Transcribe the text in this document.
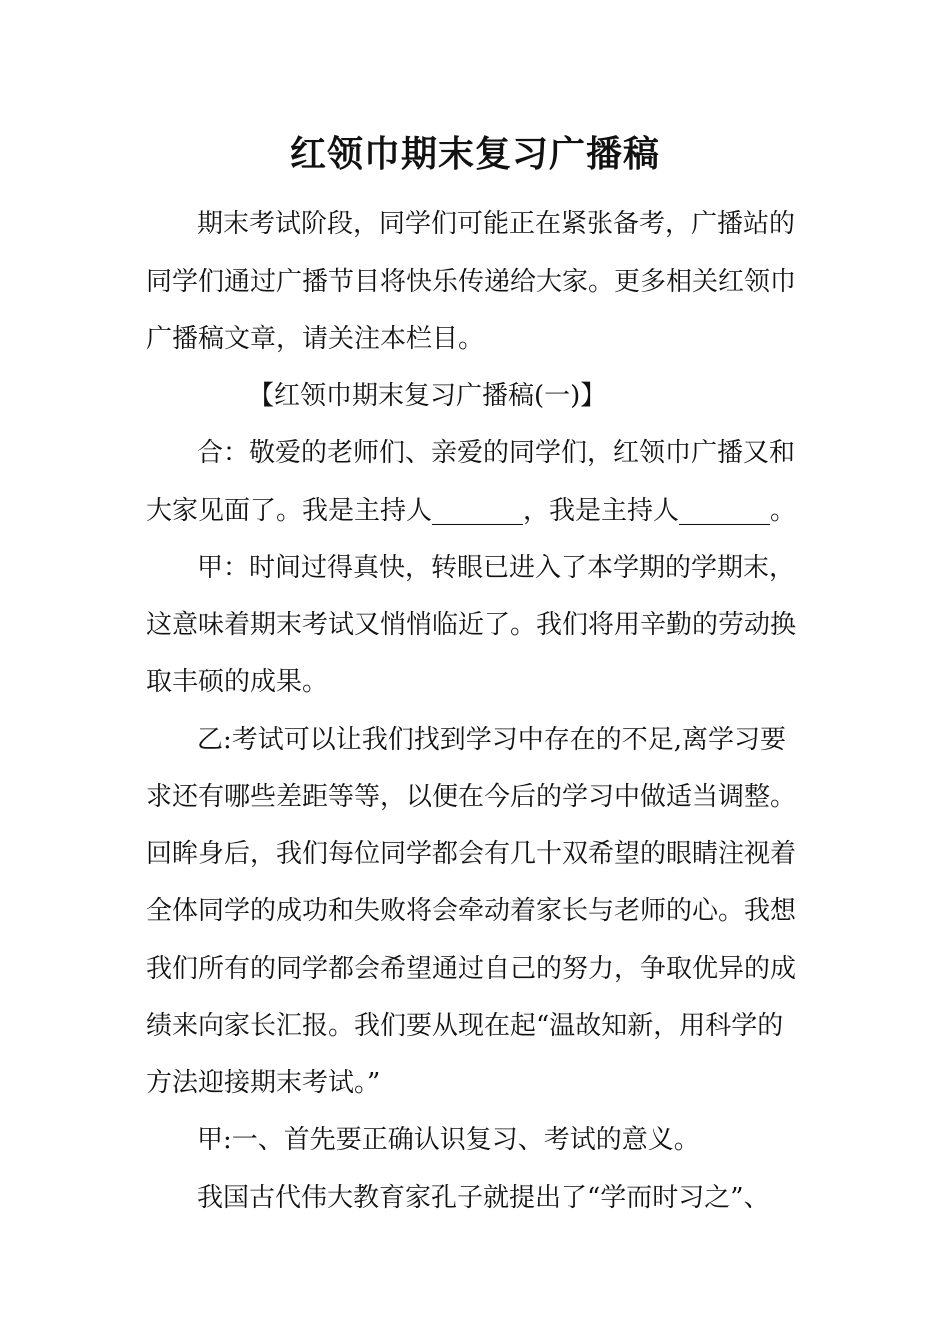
红领巾期末复习广播稿
期末考试阶段，同学们可能正在紧张备考，广播站的
同学们通过广播节目将快乐传递给大家。更多相关红领巾
广播稿文章，请关注本栏目。
【红领巾期末复习广播稿(一)】
合：敬爱的老师们、亲爱的同学们，红领巾广播又和
大家见面了。我是主持人_______，我是主持人_______。
甲：时间过得真快，转眼已进入了本学期的学期末，
这意味着期末考试又悄悄临近了。我们将用辛勤的劳动换
取丰硕的成果。
乙:考试可以让我们找到学习中存在的不足,离学习要
求还有哪些差距等等，以便在今后的学习中做适当调整。
回眸身后，我们每位同学都会有几十双希望的眼睛注视着
全体同学的成功和失败将会牵动着家长与老师的心。我想
我们所有的同学都会希望通过自己的努力，争取优异的成
绩来向家长汇报。我们要从现在起“温故知新，用科学的
方法迎接期末考试。”
甲:一、首先要正确认识复习、考试的意义。
我国古代伟大教育家孔子就提出了“学而时习之”、
